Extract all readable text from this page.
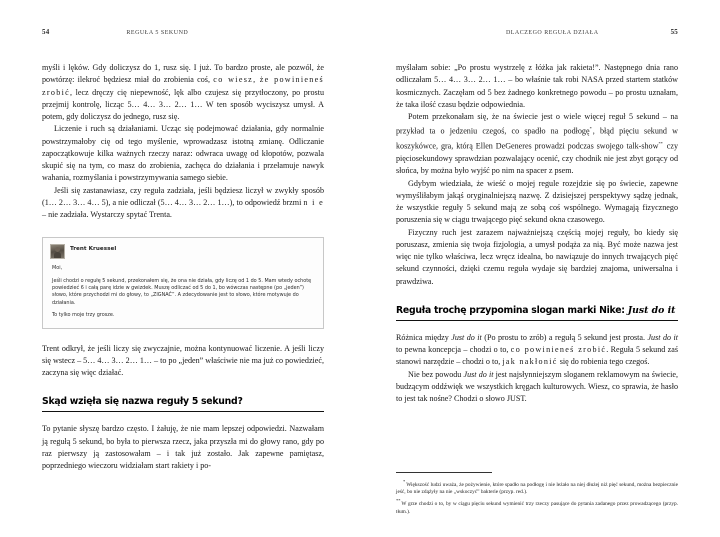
54	REGUŁA 5 SEKUND

myśli i lęków. Gdy doliczysz do 1, rusz się. I już. To bardzo proste, ale pozwól, że powtórzę: ilekroć będziesz miał do zrobienia coś, co wiesz, że powinieneś zrobić, lecz dręczy cię niepewność, lęk albo czujesz się przytłoczony, po prostu przejmij kontrolę, licząc 5… 4… 3… 2… 1… W ten sposób wyciszysz umysł. A potem, gdy doliczysz do jednego, rusz się.

Liczenie i ruch są działaniami. Ucząc się podejmować działania, gdy normalnie powstrzymałoby cię od tego myślenie, wprowadzasz istotną zmianę. Odliczanie zapoczątkowuje kilka ważnych rzeczy naraz: odwraca uwagę od kłopotów, pozwala skupić się na tym, co masz do zrobienia, zachęca do działania i przełamuje nawyk wahania, rozmyślania i powstrzymywania samego siebie.

Jeśli się zastanawiasz, czy reguła zadziała, jeśli będziesz liczył w zwykły sposób (1… 2… 3… 4… 5), a nie odliczał (5… 4… 3… 2… 1…), to odpowiedź brzmi n i e – nie zadziała. Wystarczy spytać Trenta.

Trent Kruessel

Moi,

Jeśli chodzi o regułę 5 sekund, przekonałem się, że ona nie działa, gdy liczę od 1 do 5. Mam wtedy ochotę powiedzieć 6 i całą parę idzie w gwizdek. Muszę odliczać od 5 do 1, bo wówczas następne (po „jeden”) słowo, które przychodzi mi do głowy, to „ZIGNAĆ”. A zdecydowanie jest to słowo, które motywuje do działania.

To tylko moje trzy grosze.

Trent odkrył, że jeśli liczy się zwyczajnie, można kontynuować liczenie. A jeśli liczy się wstecz – 5… 4… 3… 2… 1… – to po „jeden” właściwie nie ma już co powiedzieć, zaczyna się więc działać.

Skąd wzięła się nazwa reguły 5 sekund?

To pytanie słyszę bardzo często. I żałuję, że nie mam lepszej odpowiedzi. Nazwałam ją regułą 5 sekund, bo była to pierwsza rzecz, jaka przyszła mi do głowy rano, gdy po raz pierwszy ją zastosowałam – i tak już zostało. Jak zapewne pamiętasz, poprzedniego wieczoru widziałam start rakiety i po-

DLACZEGO REGUŁA DZIAŁA	55

myślałam sobie: „Po prostu wystrzelę z łóżka jak rakieta!”. Następnego dnia rano odliczałam 5… 4… 3… 2… 1… – bo właśnie tak robi NASA przed startem statków kosmicznych. Zaczęłam od 5 bez żadnego konkretnego powodu – po prostu uznałam, że taka ilość czasu będzie odpowiednia.

Potem przekonałam się, że na świecie jest o wiele więcej reguł 5 sekund – na przykład ta o jedzeniu czegoś, co spadło na podłogę*, błąd pięciu sekund w koszykówce, gra, którą Ellen DeGeneres prowadzi podczas swojego talk-show** czy pięciosekundowy sprawdzian pozwalający ocenić, czy chodnik nie jest zbyt gorący od słońca, by można było wyjść po nim na spacer z psem.

Gdybym wiedziała, że wieść o mojej regule rozejdzie się po świecie, zapewne wymyśliłabym jakąś oryginalniejszą nazwę. Z dzisiejszej perspektywy sądzę jednak, że wszystkie reguły 5 sekund mają ze sobą coś wspólnego. Wymagają fizycznego poruszenia się w ciągu trwającego pięć sekund okna czasowego.

Fizyczny ruch jest zarazem najważniejszą częścią mojej reguły, bo kiedy się poruszasz, zmienia się twoja fizjologia, a umysł podąża za nią. Być może nazwa jest więc nie tylko właściwa, lecz wręcz idealna, bo nawiązuje do innych trwających pięć sekund czynności, dzięki czemu reguła wydaje się bardziej znajoma, uniwersalna i prawdziwa.

Reguła trochę przypomina slogan marki Nike: Just do it

Różnica między Just do it (Po prostu to zrób) a regułą 5 sekund jest prosta. Just do it to pewna koncepcja – chodzi o to, co powinieneś zrobić. Reguła 5 sekund zaś stanowi narzędzie – chodzi o to, jak nakłonić się do robienia tego czegoś.

Nie bez powodu Just do it jest najsłynniejszym sloganem reklamowym na świecie, budzącym oddźwięk we wszystkich kręgach kulturowych. Wiesz, co sprawia, że hasło to jest tak nośne? Chodzi o słowo JUST.

*Większość ludzi uważa, że pożywienie, które spadło na podłogę i nie leżało na niej dłużej niż pięć sekund, można bezpiecznie jeść, bo nie zdążyły na nie „wskoczyć” bakterie (przyp. red.).

**W grze chodzi o to, by w ciągu pięciu sekund wymienić trzy rzeczy pasujące do pytania zadanego przez prowadzącego (przyp. tłum.).
